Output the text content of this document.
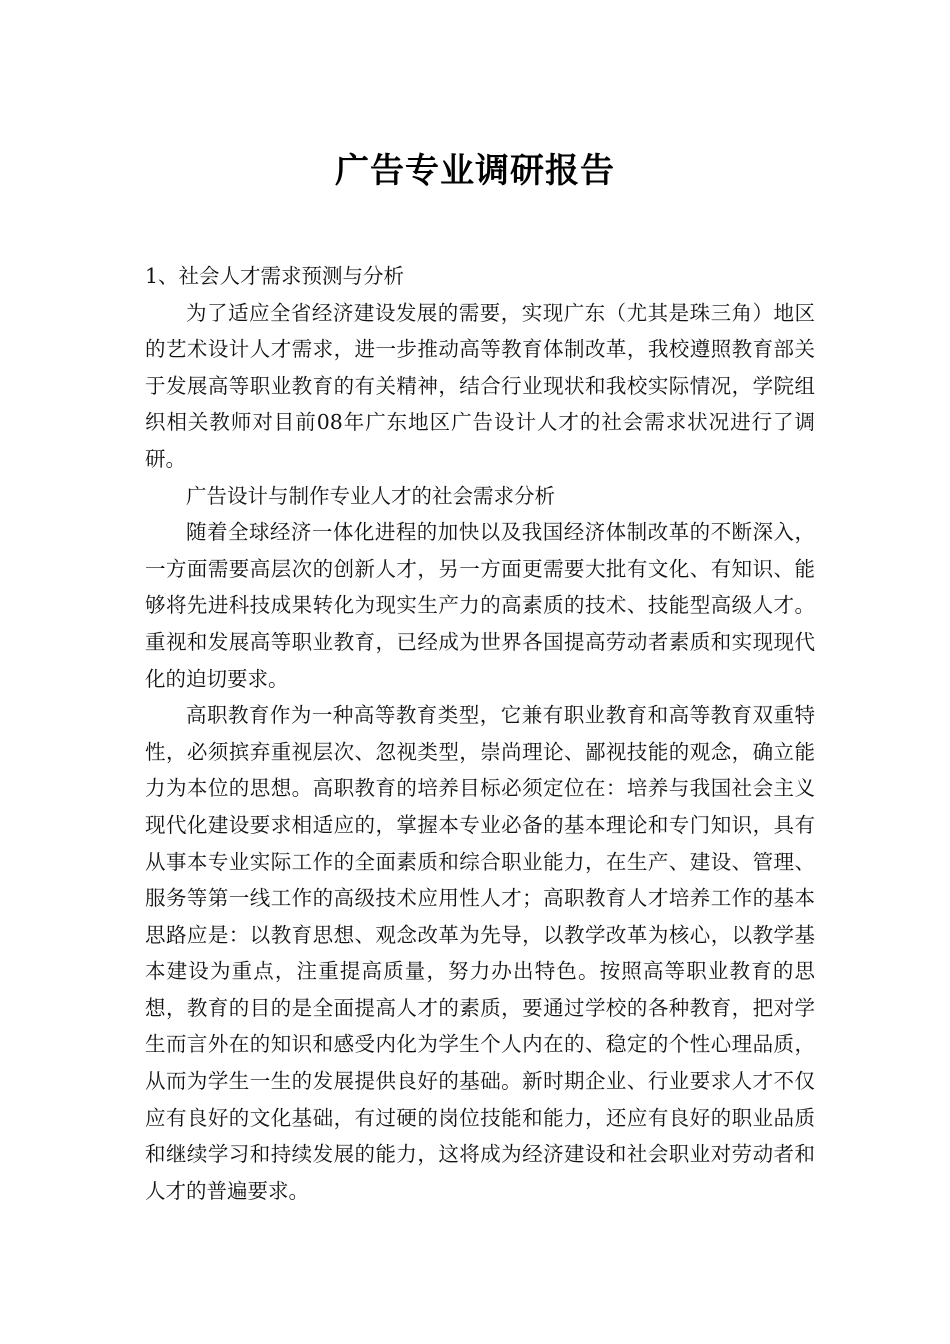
广告专业调研报告

1、社会人才需求预测与分析

为了适应全省经济建设发展的需要，实现广东（尤其是珠三角）地区的艺术设计人才需求，进一步推动高等教育体制改革，我校遵照教育部关于发展高等职业教育的有关精神，结合行业现状和我校实际情况，学院组织相关教师对目前08年广东地区广告设计人才的社会需求状况进行了调研。

广告设计与制作专业人才的社会需求分析

随着全球经济一体化进程的加快以及我国经济体制改革的不断深入，一方面需要高层次的创新人才，另一方面更需要大批有文化、有知识、能够将先进科技成果转化为现实生产力的高素质的技术、技能型高级人才。重视和发展高等职业教育，已经成为世界各国提高劳动者素质和实现现代化的迫切要求。

高职教育作为一种高等教育类型，它兼有职业教育和高等教育双重特性，必须摈弃重视层次、忽视类型，崇尚理论、鄙视技能的观念，确立能力为本位的思想。高职教育的培养目标必须定位在：培养与我国社会主义现代化建设要求相适应的，掌握本专业必备的基本理论和专门知识，具有从事本专业实际工作的全面素质和综合职业能力，在生产、建设、管理、服务等第一线工作的高级技术应用性人才；高职教育人才培养工作的基本思路应是：以教育思想、观念改革为先导，以教学改革为核心，以教学基本建设为重点，注重提高质量，努力办出特色。按照高等职业教育的思想，教育的目的是全面提高人才的素质，要通过学校的各种教育，把对学生而言外在的知识和感受内化为学生个人内在的、稳定的个性心理品质，从而为学生一生的发展提供良好的基础。新时期企业、行业要求人才不仅应有良好的文化基础，有过硬的岗位技能和能力，还应有良好的职业品质和继续学习和持续发展的能力，这将成为经济建设和社会职业对劳动者和人才的普遍要求。
